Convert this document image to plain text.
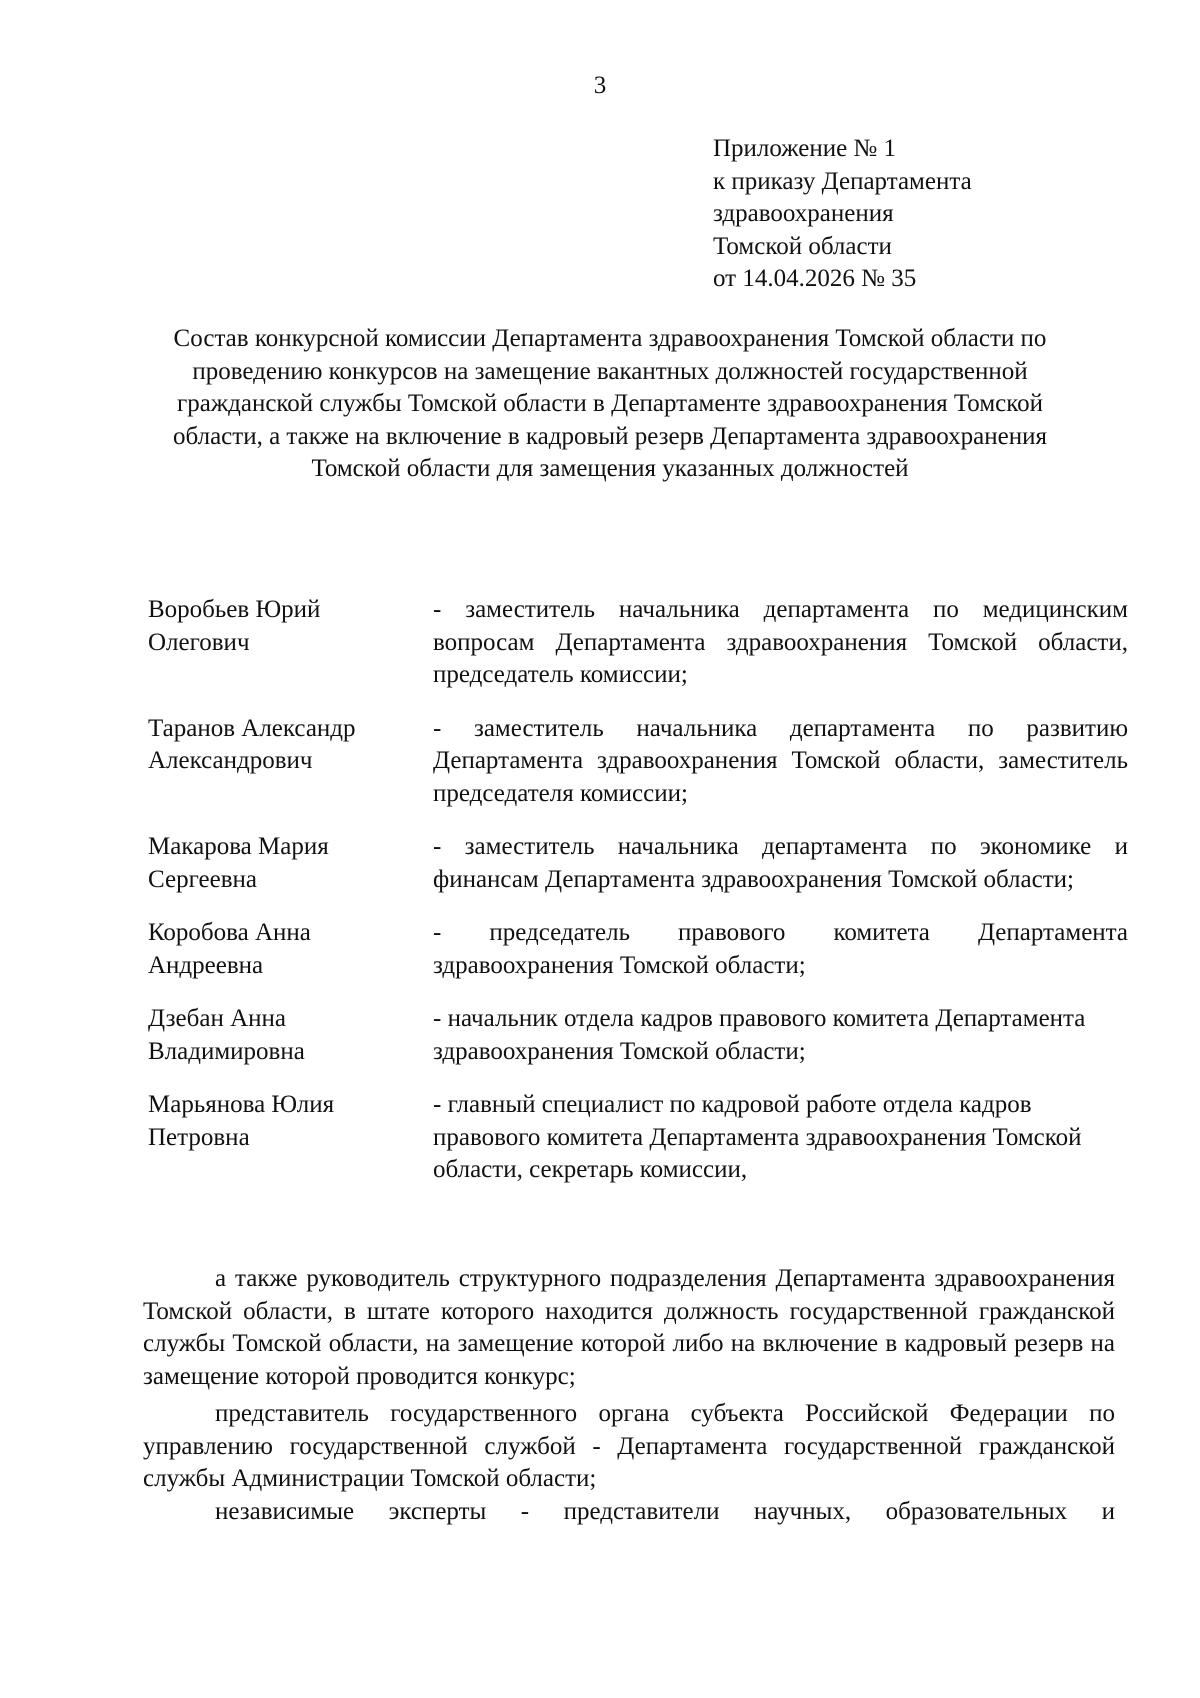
3
Приложение № 1
к приказу Департамента
здравоохранения
Томской области
от 14.04.2026 № 35
Состав конкурсной комиссии Департамента здравоохранения Томской области по проведению конкурсов на замещение вакантных должностей государственной гражданской службы Томской области в Департаменте здравоохранения Томской области, а также на включение в кадровый резерв Департамента здравоохранения Томской области для замещения указанных должностей
Воробьев Юрий
Олегович
- заместитель начальника департамента по медицинским вопросам Департамента здравоохранения Томской области, председатель комиссии;
Таранов Александр
Александрович
- заместитель начальника департамента по развитию Департамента здравоохранения Томской области, заместитель председателя комиссии;
Макарова Мария
Сергеевна
- заместитель начальника департамента по экономике и финансам Департамента здравоохранения Томской области;
Коробова Анна
Андреевна
- председатель правового комитета Департамента здравоохранения Томской области;
Дзебан Анна
Владимировна
- начальник отдела кадров правового комитета Департамента здравоохранения Томской области;
Марьянова Юлия
Петровна
- главный специалист по кадровой работе отдела кадров правового комитета Департамента здравоохранения Томской области, секретарь комиссии,

а также руководитель структурного подразделения Департамента здравоохранения Томской области, в штате которого находится должность государственной гражданской службы Томской области, на замещение которой либо на включение в кадровый резерв на замещение которой проводится конкурс;

представитель государственного органа субъекта Российской Федерации по управлению государственной службой - Департамента государственной гражданской службы Администрации Томской области;

независимые эксперты - представители научных, образовательных и
